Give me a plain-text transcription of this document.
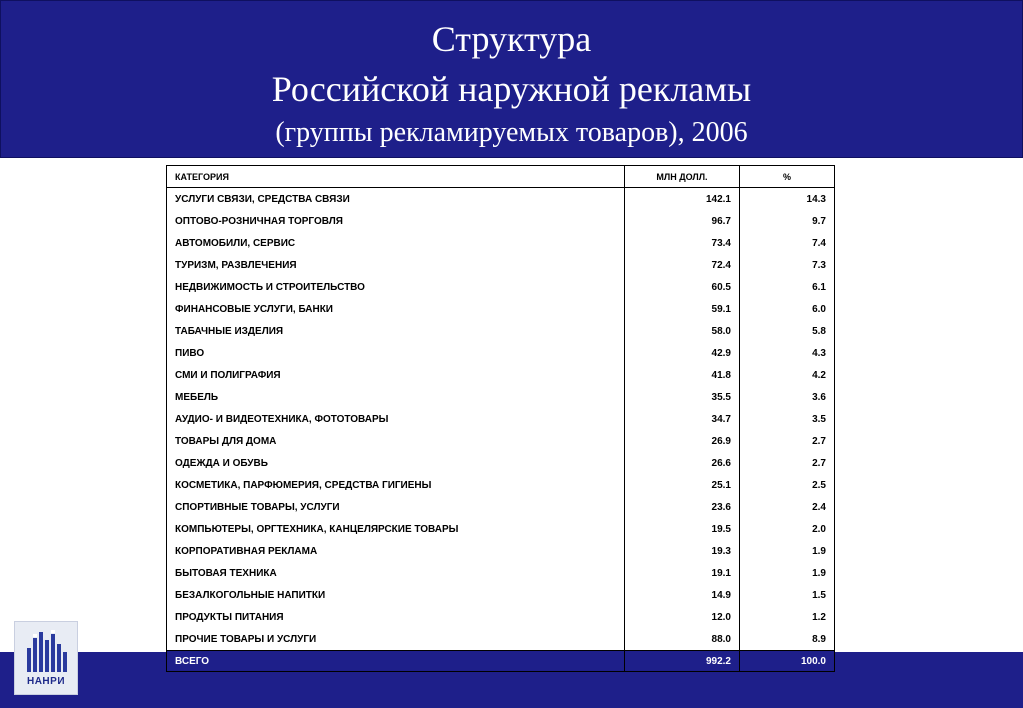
Структура
Российской наружной рекламы
(группы рекламируемых товаров), 2006
НАНРИ
КАТЕГОРИЯ	МЛН ДОЛЛ.	%
УСЛУГИ СВЯЗИ, СРЕДСТВА СВЯЗИ	142.1	14.3
ОПТОВО-РОЗНИЧНАЯ ТОРГОВЛЯ	96.7	9.7
АВТОМОБИЛИ, СЕРВИС	73.4	7.4
ТУРИЗМ, РАЗВЛЕЧЕНИЯ	72.4	7.3
НЕДВИЖИМОСТЬ И СТРОИТЕЛЬСТВО	60.5	6.1
ФИНАНСОВЫЕ УСЛУГИ, БАНКИ	59.1	6.0
ТАБАЧНЫЕ ИЗДЕЛИЯ	58.0	5.8
ПИВО	42.9	4.3
СМИ И ПОЛИГРАФИЯ	41.8	4.2
МЕБЕЛЬ	35.5	3.6
АУДИО- И ВИДЕОТЕХНИКА, ФОТОТОВАРЫ	34.7	3.5
ТОВАРЫ ДЛЯ ДОМА	26.9	2.7
ОДЕЖДА И ОБУВЬ	26.6	2.7
КОСМЕТИКА, ПАРФЮМЕРИЯ, СРЕДСТВА ГИГИЕНЫ	25.1	2.5
СПОРТИВНЫЕ ТОВАРЫ, УСЛУГИ	23.6	2.4
КОМПЬЮТЕРЫ, ОРГТЕХНИКА, КАНЦЕЛЯРСКИЕ ТОВАРЫ	19.5	2.0
КОРПОРАТИВНАЯ РЕКЛАМА	19.3	1.9
БЫТОВАЯ ТЕХНИКА	19.1	1.9
БЕЗАЛКОГОЛЬНЫЕ НАПИТКИ	14.9	1.5
ПРОДУКТЫ ПИТАНИЯ	12.0	1.2
ПРОЧИЕ ТОВАРЫ И УСЛУГИ	88.0	8.9
ВСЕГО	992.2	100.0
